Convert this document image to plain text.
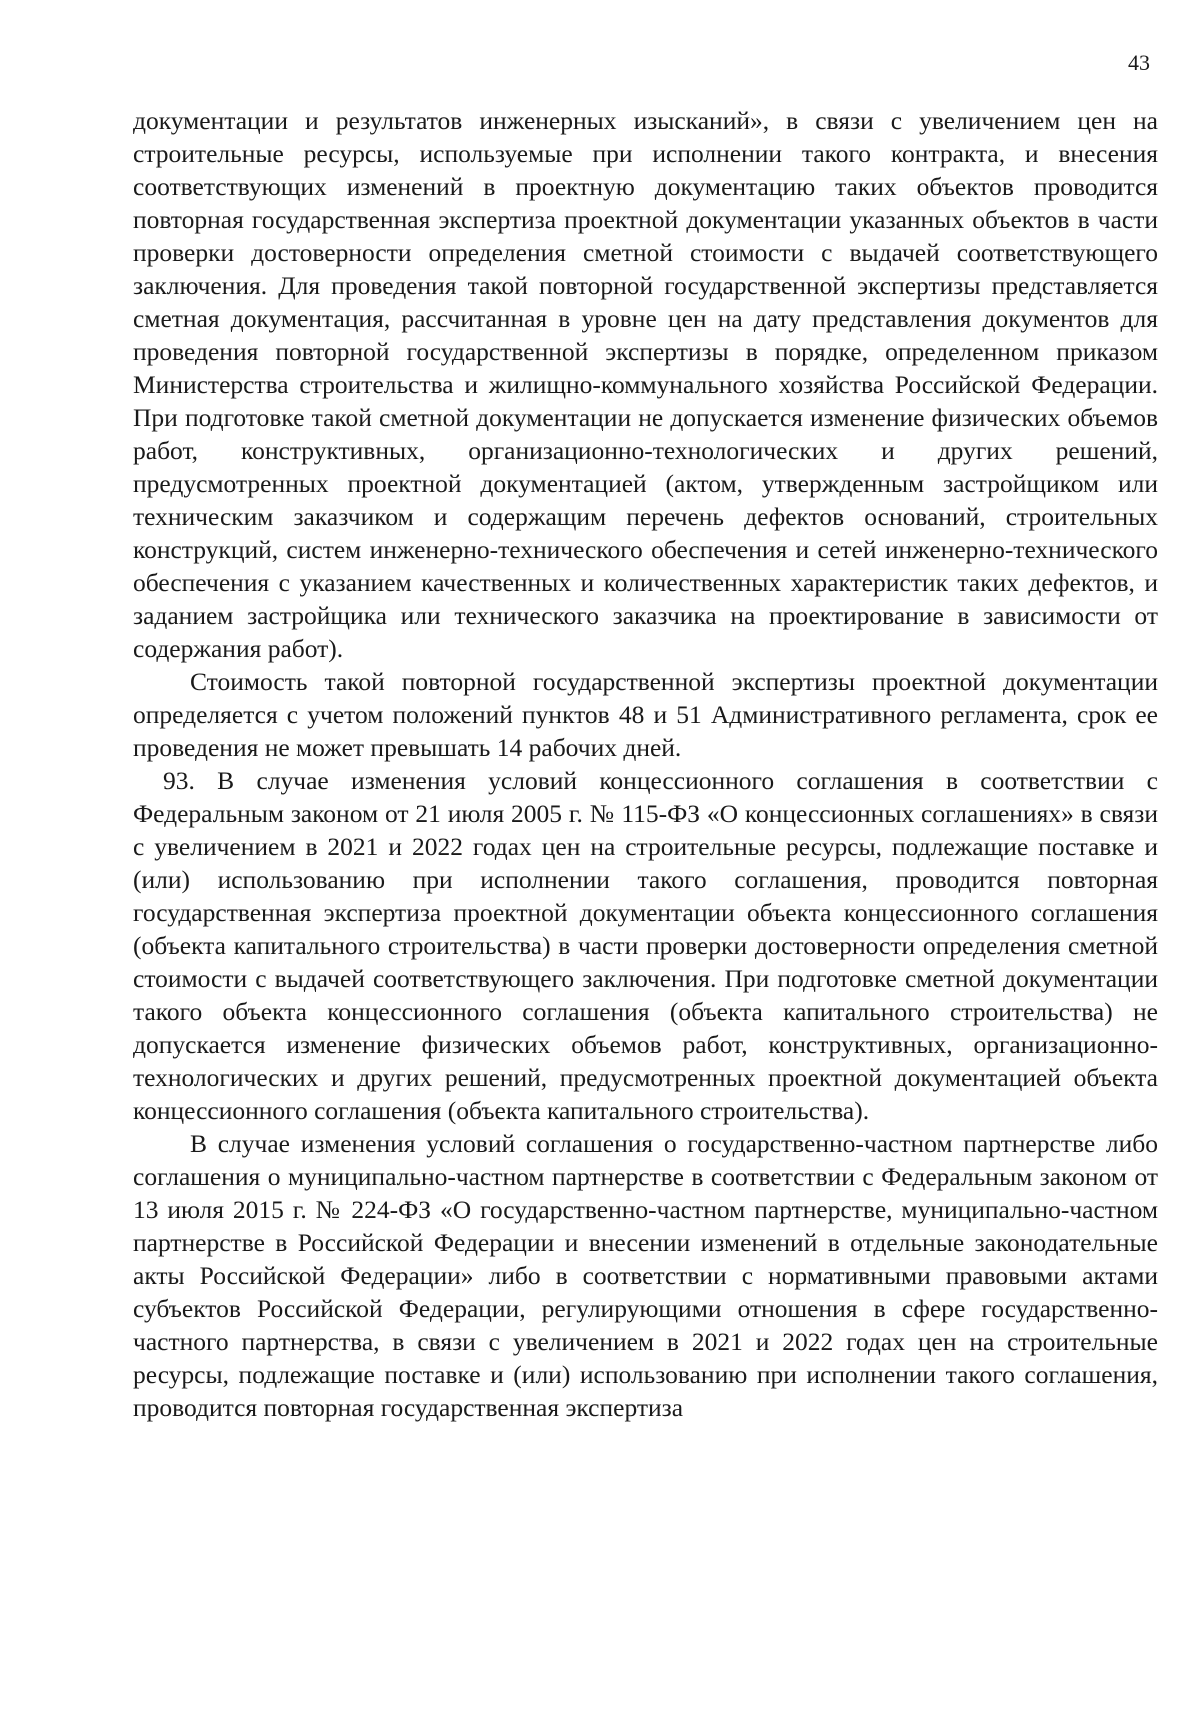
43

документации и результатов инженерных изысканий», в связи с увеличением цен на строительные ресурсы, используемые при исполнении такого контракта, и внесения соответствующих изменений в проектную документацию таких объектов проводится повторная государственная экспертиза проектной документации указанных объектов в части проверки достоверности определения сметной стоимости с выдачей соответствующего заключения. Для проведения такой повторной государственной экспертизы представляется сметная документация, рассчитанная в уровне цен на дату представления документов для проведения повторной государственной экспертизы в порядке, определенном приказом Министерства строительства и жилищно-коммунального хозяйства Российской Федерации. При подготовке такой сметной документации не допускается изменение физических объемов работ, конструктивных, организационно-технологических и других решений, предусмотренных проектной документацией (актом, утвержденным застройщиком или техническим заказчиком и содержащим перечень дефектов оснований, строительных конструкций, систем инженерно-технического обеспечения и сетей инженерно-технического обеспечения с указанием качественных и количественных характеристик таких дефектов, и заданием застройщика или технического заказчика на проектирование в зависимости от содержания работ).

Стоимость такой повторной государственной экспертизы проектной документации определяется с учетом положений пунктов 48 и 51 Административного регламента, срок ее проведения не может превышать 14 рабочих дней.

93. В случае изменения условий концессионного соглашения в соответствии с Федеральным законом от 21 июля 2005 г. № 115-ФЗ «О концессионных соглашениях» в связи с увеличением в 2021 и 2022 годах цен на строительные ресурсы, подлежащие поставке и (или) использованию при исполнении такого соглашения, проводится повторная государственная экспертиза проектной документации объекта концессионного соглашения (объекта капитального строительства) в части проверки достоверности определения сметной стоимости с выдачей соответствующего заключения. При подготовке сметной документации такого объекта концессионного соглашения (объекта капитального строительства) не допускается изменение физических объемов работ, конструктивных, организационно-технологических и других решений, предусмотренных проектной документацией объекта концессионного соглашения (объекта капитального строительства).

В случае изменения условий соглашения о государственно-частном партнерстве либо соглашения о муниципально-частном партнерстве в соответствии с Федеральным законом от 13 июля 2015 г. № 224-ФЗ «О государственно-частном партнерстве, муниципально-частном партнерстве в Российской Федерации и внесении изменений в отдельные законодательные акты Российской Федерации» либо в соответствии с нормативными правовыми актами субъектов Российской Федерации, регулирующими отношения в сфере государственно-частного партнерства, в связи с увеличением в 2021 и 2022 годах цен на строительные ресурсы, подлежащие поставке и (или) использованию при исполнении такого соглашения, проводится повторная государственная экспертиза
